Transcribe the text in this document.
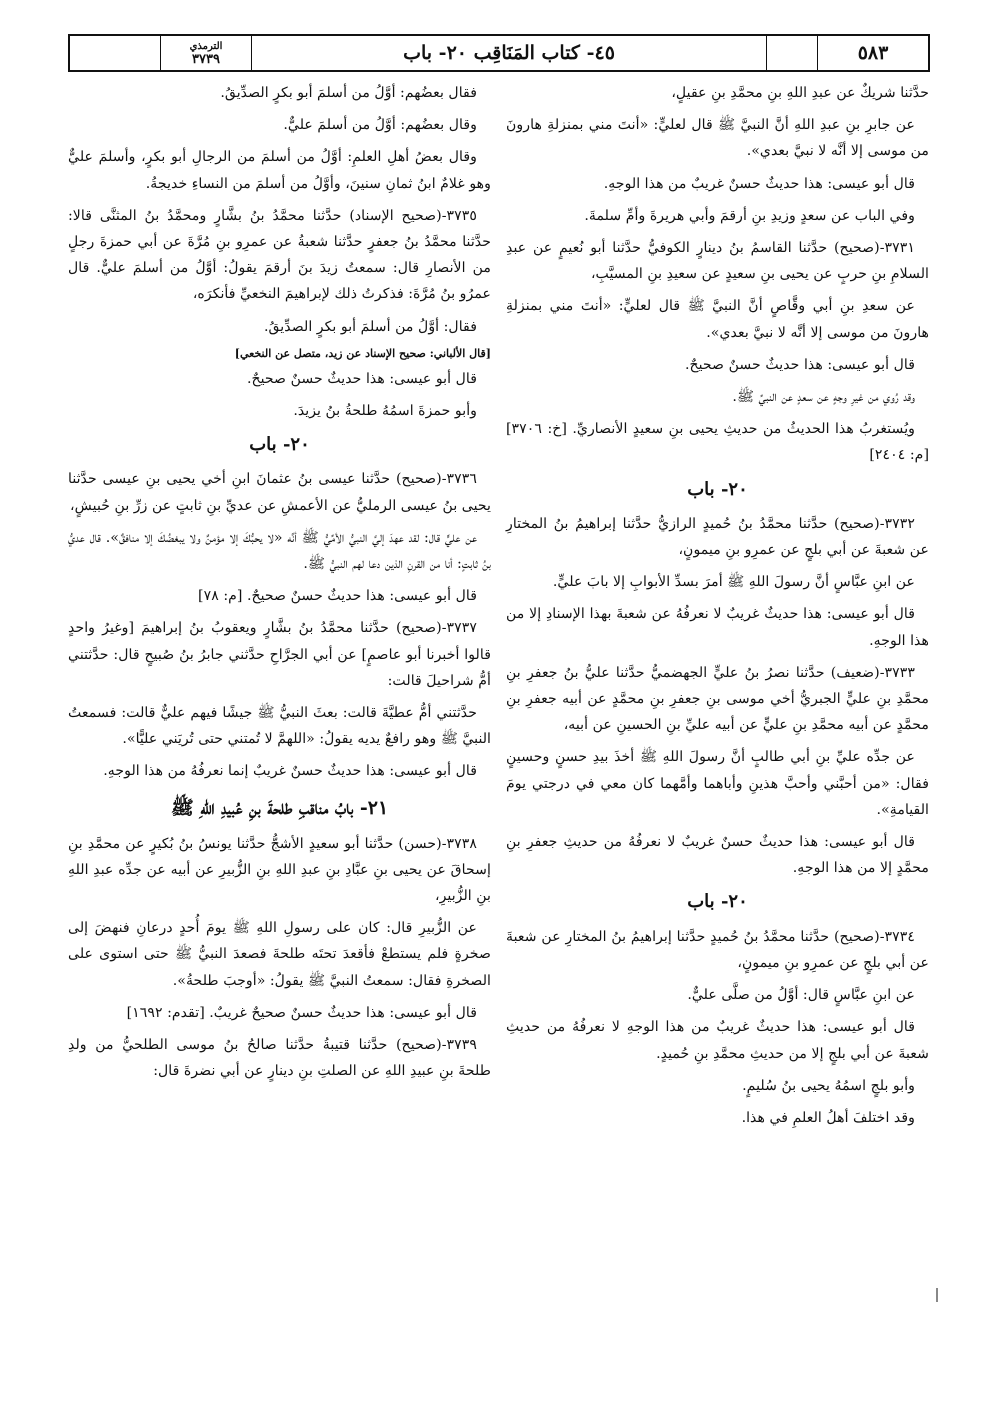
٥٨٣
٤٥- كتاب المَنَاقِب ٢٠- باب
الترمذي
٣٧٣٩

حدَّثنا شريكٌ عن عبدِ اللهِ بنِ محمَّدِ بنِ عقيلٍ،

عن جابرِ بنِ عبدِ اللهِ أنَّ النبيَّ ﷺ قال لعليٍّ: «أنتَ مني بمنزلةِ هارونَ من موسى إلا أنَّه لا نبيَّ بعدي».

قال أبو عيسى: هذا حديثٌ حسنٌ غريبٌ من هذا الوجهِ.

وفي الباب عن سعدٍ وزيدِ بنِ أرقمَ وأبي هريرةَ وأمِّ سلمةَ.

٣٧٣١-(صحيح) حدَّثنا القاسمُ بنُ دينارٍ الكوفيُّ حدَّثنا أبو نُعيمٍ عن عبدِ السلامِ بنِ حربٍ عن يحيى بنِ سعيدٍ عن سعيدِ بنِ المسيَّبِ،

عن سعدِ بنِ أبي وقَّاصٍ أنَّ النبيَّ ﷺ قال لعليٍّ: «أنتَ مني بمنزلةِ هارونَ من موسى إلا أنَّه لا نبيَّ بعدي».

قال أبو عيسى: هذا حديثٌ حسنٌ صحيحٌ.

وقد رُوي من غيرِ وجهٍ عن سعدٍ عن النبيِّ ﷺ.

ويُستغربُ هذا الحديثُ من حديثِ يحيى بنِ سعيدٍ الأنصاريِّ. [خ: ٣٧٠٦] [م: ٢٤٠٤]

٢٠- باب

٣٧٣٢-(صحيح) حدَّثنا محمَّدُ بنُ حُميدٍ الرازيُّ حدَّثنا إبراهيمُ بنُ المختارِ عن شعبةَ عن أبي بلجٍ عن عمرِو بنِ ميمونٍ،

عن ابنِ عبَّاسٍ أنَّ رسولَ اللهِ ﷺ أمرَ بسدِّ الأبوابِ إلا بابَ عليٍّ.

قال أبو عيسى: هذا حديثٌ غريبٌ لا نعرفُهُ عن شعبةَ بهذا الإسنادِ إلا من هذا الوجهِ.

٣٧٣٣-(ضعيف) حدَّثنا نصرُ بنُ عليٍّ الجهضميُّ حدَّثنا عليُّ بنُ جعفرِ بنِ محمَّدِ بنِ عليٍّ الجبريُّ أخي موسى بنِ جعفرِ بنِ محمَّدٍ عن أبيه جعفرِ بنِ محمَّدٍ عن أبيه محمَّدِ بنِ عليٍّ عن أبيه عليِّ بنِ الحسينِ عن أبيه،

عن جدِّه عليِّ بنِ أبي طالبٍ أنَّ رسولَ اللهِ ﷺ أخذَ بيدِ حسنٍ وحسينٍ فقال: «من أحبَّني وأحبَّ هذينِ وأباهما وأمَّهما كان معي في درجتي يومَ القيامةِ».

قال أبو عيسى: هذا حديثٌ حسنٌ غريبٌ لا نعرفُهُ من حديثِ جعفرِ بنِ محمَّدٍ إلا من هذا الوجهِ.

٢٠- باب

٣٧٣٤-(صحيح) حدَّثنا محمَّدُ بنُ حُميدٍ حدَّثنا إبراهيمُ بنُ المختارِ عن شعبةَ عن أبي بلجٍ عن عمرِو بنِ ميمونٍ،

عن ابنِ عبَّاسٍ قال: أوَّلُ من صلَّى عليٌّ.

قال أبو عيسى: هذا حديثٌ غريبٌ من هذا الوجهِ لا نعرفُهُ من حديثِ شعبةَ عن أبي بلجٍ إلا من حديثِ محمَّدِ بنِ حُميدٍ.

وأبو بلجٍ اسمُهُ يحيى بنُ سُليمٍ.

وقد اختلفَ أهلُ العلمِ في هذا.

فقال بعضُهم: أوَّلُ من أسلمَ أبو بكرٍ الصدِّيقُ.

وقال بعضُهم: أوَّلُ من أسلمَ عليٌّ.

وقال بعضُ أهلِ العلمِ: أوَّلُ من أسلمَ من الرجالِ أبو بكرٍ، وأسلمَ عليٌّ وهو غلامٌ ابنُ ثمانِ سنينَ، وأوَّلُ من أسلمَ من النساءِ خديجةُ.

٣٧٣٥-(صحيح الإسناد) حدَّثنا محمَّدُ بنُ بشَّارٍ ومحمَّدُ بنُ المثنَّى قالا: حدَّثنا محمَّدُ بنُ جعفرٍ حدَّثنا شعبةُ عن عمرِو بنِ مُرَّةَ عن أبي حمزةَ رجلٍ من الأنصارِ قال: سمعتُ زيدَ بنَ أرقمَ يقولُ: أوَّلُ من أسلمَ عليٌّ. قال عمرُو بنُ مُرَّةَ: فذكرتُ ذلك لإبراهيمَ النخعيِّ فأنكرَه،

فقال: أوَّلُ من أسلمَ أبو بكرٍ الصدِّيقُ.

[قال الألباني: صحيح الإسناد عن زيد، متصل عن النخعي]

قال أبو عيسى: هذا حديثٌ حسنٌ صحيحٌ.

وأبو حمزةَ اسمُهُ طلحةُ بنُ يزيدَ.

٢٠- باب

٣٧٣٦-(صحيح) حدَّثنا عيسى بنُ عثمانَ ابنِ أخي يحيى بنِ عيسى حدَّثنا يحيى بنُ عيسى الرمليُّ عن الأعمشِ عن عديِّ بنِ ثابتٍ عن زرِّ بنِ حُبيشٍ،

عن عليٍّ قال: لقد عهدَ إليَّ النبيُّ الأمِّيُّ ﷺ أنَّه «لا يحبُّكَ إلا مؤمنٌ ولا يبغضُكَ إلا منافقٌ». قال عديُّ بنُ ثابتٍ: أنا من القرنِ الذين دعا لهم النبيُّ ﷺ.

قال أبو عيسى: هذا حديثٌ حسنٌ صحيحٌ. [م: ٧٨]

٣٧٣٧-(صحيح) حدَّثنا محمَّدُ بنُ بشَّارٍ ويعقوبُ بنُ إبراهيمَ [وغيرُ واحدٍ قالوا أخبرنا أبو عاصمٍ] عن أبي الجرَّاحِ حدَّثني جابرُ بنُ صُبيحٍ قال: حدَّثتني أمُّ شراحيلَ قالت:

حدَّثتني أمُّ عطيَّةَ قالت: بعثَ النبيُّ ﷺ جيشًا فيهم عليٌّ قالت: فسمعتُ النبيَّ ﷺ وهو رافعٌ يديه يقولُ: «اللهمَّ لا تُمتني حتى تُريَني عليًّا».

قال أبو عيسى: هذا حديثٌ حسنٌ غريبٌ إنما نعرفُهُ من هذا الوجهِ.

٢١- بابُ مناقبِ طلحةَ بنِ عُبيدِ اللهِ ﷺ

٣٧٣٨-(حسن) حدَّثنا أبو سعيدٍ الأشجُّ حدَّثنا يونسُ بنُ بُكيرٍ عن محمَّدِ بنِ إسحاقَ عن يحيى بنِ عبَّادِ بنِ عبدِ اللهِ بنِ الزُّبيرِ عن أبيه عن جدِّه عبدِ اللهِ بنِ الزُّبيرِ،

عن الزُّبيرِ قال: كان على رسولِ اللهِ ﷺ يومَ أُحدٍ درعانِ فنهضَ إلى صخرةٍ فلم يستطعْ فأقعدَ تحتَه طلحةَ فصعدَ النبيُّ ﷺ حتى استوى على الصخرةِ فقال: سمعتُ النبيَّ ﷺ يقولُ: «أوجبَ طلحةُ».

قال أبو عيسى: هذا حديثٌ حسنٌ صحيحٌ غريبٌ. [تقدم: ١٦٩٢]

٣٧٣٩-(صحيح) حدَّثنا قتيبةُ حدَّثنا صالحُ بنُ موسى الطلحيُّ من ولدِ طلحةَ بنِ عبيدِ اللهِ عن الصلتِ بنِ دينارٍ عن أبي نضرةَ قال:
